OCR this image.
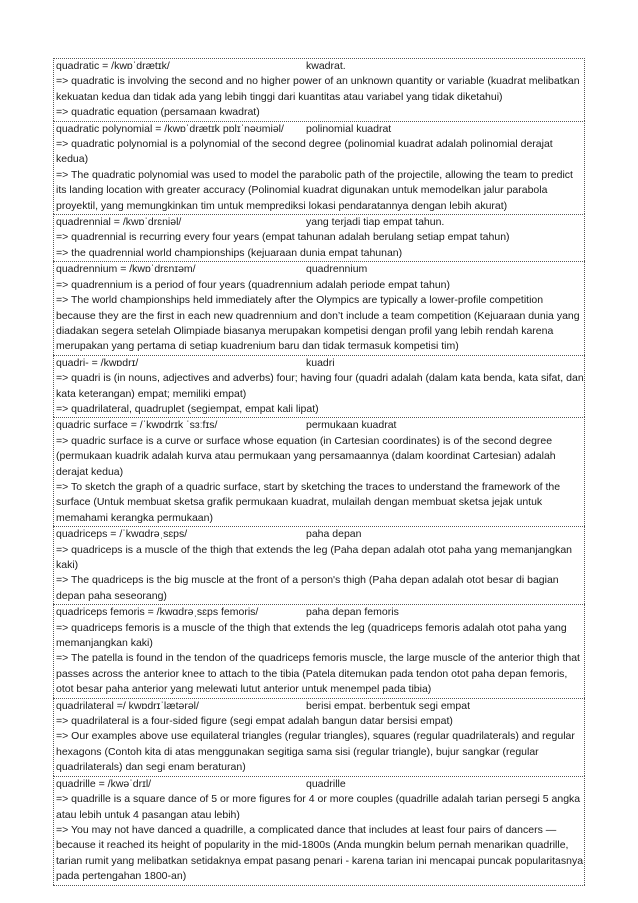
quadratic = /kwɒˈdrætɪk/	kwadrat.
=> quadratic is involving the second and no higher power of an unknown quantity or variable (kuadrat melibatkan kekuatan kedua dan tidak ada yang lebih tinggi dari kuantitas atau variabel yang tidak diketahui)
=> quadratic equation (persamaan kwadrat)
quadratic polynomial = /kwɒˈdrætɪk pɒlɪˈnəʊmiəl/	polinomial kuadrat
=> quadratic polynomial is a polynomial of the second degree (polinomial kuadrat adalah polinomial derajat kedua)
=> The quadratic polynomial was used to model the parabolic path of the projectile, allowing the team to predict its landing location with greater accuracy (Polinomial kuadrat digunakan untuk memodelkan jalur parabola proyektil, yang memungkinkan tim untuk memprediksi lokasi pendaratannya dengan lebih akurat)
quadrennial = /kwɒˈdrɛniəl/	yang terjadi tiap empat tahun.
=> quadrennial is recurring every four years (empat tahunan adalah berulang setiap empat tahun)
=> the quadrennial world championships (kejuaraan dunia empat tahunan)
quadrennium = /kwɒˈdrɛnɪəm/	quadrennium
=> quadrennium is a period of four years (quadrennium adalah periode empat tahun)
=> The world championships held immediately after the Olympics are typically a lower-profile competition because they are the first in each new quadrennium and don’t include a team competition (Kejuaraan dunia yang diadakan segera setelah Olimpiade biasanya merupakan kompetisi dengan profil yang lebih rendah karena merupakan yang pertama di setiap kuadrenium baru dan tidak termasuk kompetisi tim)
quadri- = /kwɒdrɪ/	kuadri
=> quadri is (in nouns, adjectives and adverbs) four; having four (quadri adalah (dalam kata benda, kata sifat, dan kata keterangan) empat; memiliki empat)
=> quadrilateral, quadruplet (segiempat, empat kali lipat)
quadric surface = /ˈkwɒdrɪk ˈsɜːfɪs/	permukaan kuadrat
=> quadric surface is a curve or surface whose equation (in Cartesian coordinates) is of the second degree (permukaan kuadrik adalah kurva atau permukaan yang persamaannya (dalam koordinat Cartesian) adalah derajat kedua)
=> To sketch the graph of a quadric surface, start by sketching the traces to understand the framework of the surface (Untuk membuat sketsa grafik permukaan kuadrat, mulailah dengan membuat sketsa jejak untuk memahami kerangka permukaan)
quadriceps = /ˈkwɑdrəˌsɛps/	paha depan
=> quadriceps is a muscle of the thigh that extends the leg (Paha depan adalah otot paha yang memanjangkan kaki)
=> The quadriceps is the big muscle at the front of a person's thigh (Paha depan adalah otot besar di bagian depan paha seseorang)
quadriceps femoris = /kwɑdrəˌsɛps femoris/	paha depan femoris
=> quadriceps femoris is a muscle of the thigh that extends the leg (quadriceps femoris adalah otot paha yang memanjangkan kaki)
=> The patella is found in the tendon of the quadriceps femoris muscle, the large muscle of the anterior thigh that passes across the anterior knee to attach to the tibia (Patela ditemukan pada tendon otot paha depan femoris, otot besar paha anterior yang melewati lutut anterior untuk menempel pada tibia)
quadrilateral =/ kwɒdrɪˈlætərəl/	berisi empat. berbentuk segi empat
=> quadrilateral is a four-sided figure (segi empat adalah bangun datar bersisi empat)
=> Our examples above use equilateral triangles (regular triangles), squares (regular quadrilaterals) and regular hexagons (Contoh kita di atas menggunakan segitiga sama sisi (regular triangle), bujur sangkar (regular quadrilaterals) dan segi enam beraturan)
quadrille = /kwəˈdrɪl/	quadrille
=> quadrille is a square dance of 5 or more figures for 4 or more couples (quadrille adalah tarian persegi 5 angka atau lebih untuk 4 pasangan atau lebih)
=> You may not have danced a quadrille, a complicated dance that includes at least four pairs of dancers — because it reached its height of popularity in the mid-1800s (Anda mungkin belum pernah menarikan quadrille, tarian rumit yang melibatkan setidaknya empat pasang penari - karena tarian ini mencapai puncak popularitasnya pada pertengahan 1800-an)
